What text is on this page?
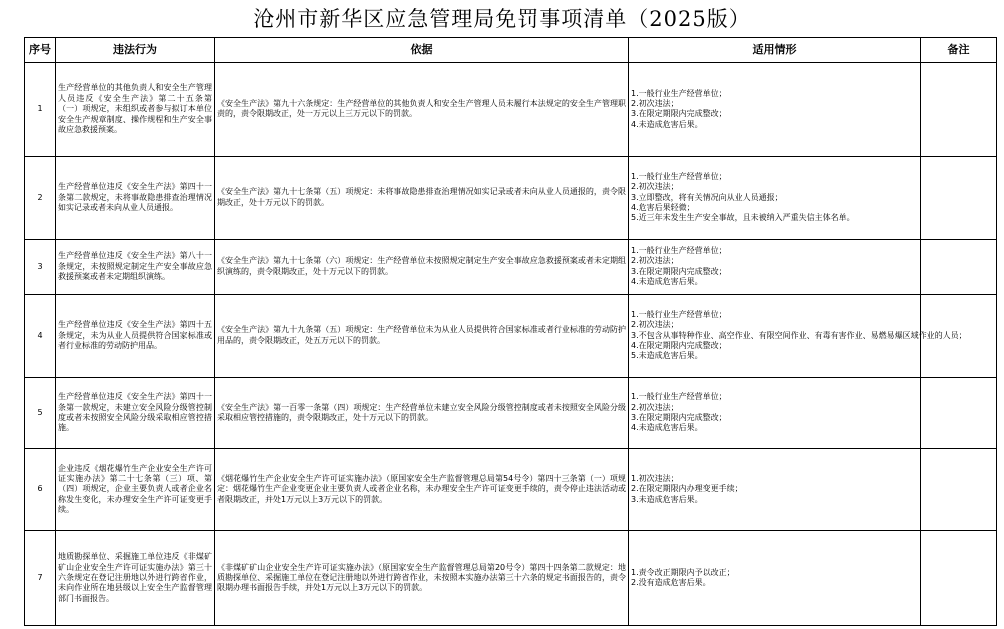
沧州市新华区应急管理局免罚事项清单（2025版）
序号	违法行为	依据	适用情形	备注
1	生产经营单位的其他负责人和安全生产管理人员违反《安全生产法》第二十五条第（一）项规定，未组织或者参与拟订本单位安全生产规章制度、操作规程和生产安全事故应急救援预案。	《安全生产法》第九十六条规定：生产经营单位的其他负责人和安全生产管理人员未履行本法规定的安全生产管理职责的，责令限期改正，处一万元以上三万元以下的罚款。	1.一般行业生产经营单位；
2.初次违法；
3.在限定期限内完成整改；
4.未造成危害后果。	

2	生产经营单位违反《安全生产法》第四十一条第二款规定，未将事故隐患排查治理情况如实记录或者未向从业人员通报。	《安全生产法》第九十七条第（五）项规定：未将事故隐患排查治理情况如实记录或者未向从业人员通报的，责令限期改正，处十万元以下的罚款。	1.一般行业生产经营单位；
2.初次违法；
3.立即整改，将有关情况向从业人员通报；
4.危害后果轻微；
5.近三年未发生生产安全事故，且未被纳入严重失信主体名单。	

3	生产经营单位违反《安全生产法》第八十一条规定，未按照规定制定生产安全事故应急救援预案或者未定期组织演练。	《安全生产法》第九十七条第（六）项规定：生产经营单位未按照规定制定生产安全事故应急救援预案或者未定期组织演练的，责令限期改正，处十万元以下的罚款。	1.一般行业生产经营单位；
2.初次违法；
3.在限定期限内完成整改；
4.未造成危害后果。	

4	生产经营单位违反《安全生产法》第四十五条规定，未为从业人员提供符合国家标准或者行业标准的劳动防护用品。	《安全生产法》第九十九条第（五）项规定：生产经营单位未为从业人员提供符合国家标准或者行业标准的劳动防护用品的，责令限期改正，处五万元以下的罚款。	1.一般行业生产经营单位；
2.初次违法；
3.不包含从事特种作业、高空作业、有限空间作业、有毒有害作业、易燃易爆区域作业的人员；
4.在限定期限内完成整改；
5.未造成危害后果。	

5	生产经营单位违反《安全生产法》第四十一条第一款规定，未建立安全风险分级管控制度或者未按照安全风险分级采取相应管控措施。	《安全生产法》第一百零一条第（四）项规定：生产经营单位未建立安全风险分级管控制度或者未按照安全风险分级采取相应管控措施的，责令限期改正，处十万元以下的罚款。	1.一般行业生产经营单位；
2.初次违法；
3.在限定期限内完成整改；
4.未造成危害后果。	

6	企业违反《烟花爆竹生产企业安全生产许可证实施办法》第二十七条第（三）项、第（四）项规定，企业主要负责人或者企业名称发生变化，未办理安全生产许可证变更手续。	《烟花爆竹生产企业安全生产许可证实施办法》（原国家安全生产监督管理总局第54号令）第四十三条第（一）项规定：烟花爆竹生产企业变更企业主要负责人或者企业名称，未办理安全生产许可证变更手续的，责令停止违法活动或者限期改正，并处1万元以上3万元以下的罚款。	1.初次违法；
2.在限定期限内办理变更手续；
3.未造成危害后果。	

7	地质勘探单位、采掘施工单位违反《非煤矿矿山企业安全生产许可证实施办法》第三十六条规定在登记注册地以外进行跨省作业，未向作业所在地县级以上安全生产监督管理部门书面报告。	《非煤矿矿山企业安全生产许可证实施办法》（原国家安全生产监督管理总局第20号令）第四十四条第二款规定：地质勘探单位、采掘施工单位在登记注册地以外进行跨省作业，未按照本实施办法第三十六条的规定书面报告的，责令限期办理书面报告手续，并处1万元以上3万元以下的罚款。	1.责令改正期限内予以改正；
2.没有造成危害后果。	
